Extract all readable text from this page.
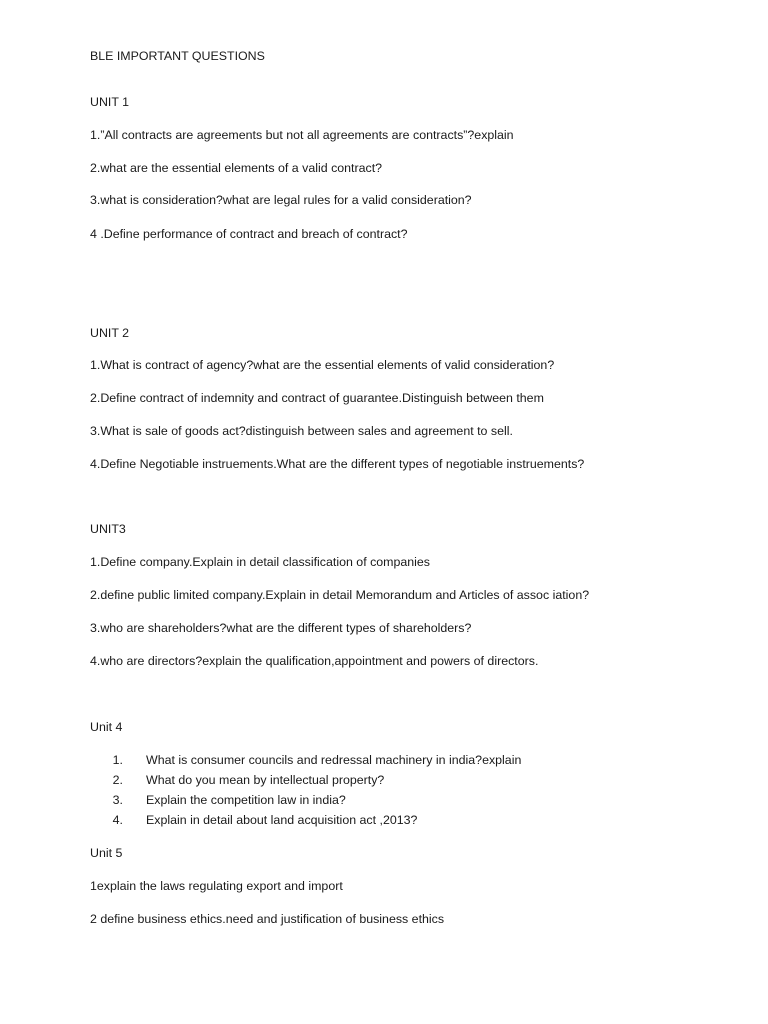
BLE IMPORTANT QUESTIONS

UNIT 1

1.”All contracts are agreements but not all agreements are contracts”?explain

2.what are the essential elements of a valid contract?

3.what is consideration?what are legal rules for a valid consideration?

4 .Define performance of contract and breach of contract?

UNIT 2

1.What is contract of agency?what are the essential elements of valid consideration?

2.Define contract of indemnity and contract of guarantee.Distinguish between them

3.What is sale of goods act?distinguish between sales and agreement to sell.

4.Define Negotiable instruements.What are the different types of negotiable instruements?

UNIT3

1.Define company.Explain in detail classification of companies

2.define public limited company.Explain in detail Memorandum and Articles of assoc iation?

3.who are shareholders?what are the different types of shareholders?

4.who are directors?explain the qualification,appointment and powers of directors.

Unit 4

1. What is consumer councils and redressal machinery in india?explain
2. What do you mean by intellectual property?
3. Explain the competition law in india?
4. Explain in detail about land acquisition act ,2013?

Unit 5

1explain the laws regulating export and import

2 define business ethics.need and justification of business ethics
